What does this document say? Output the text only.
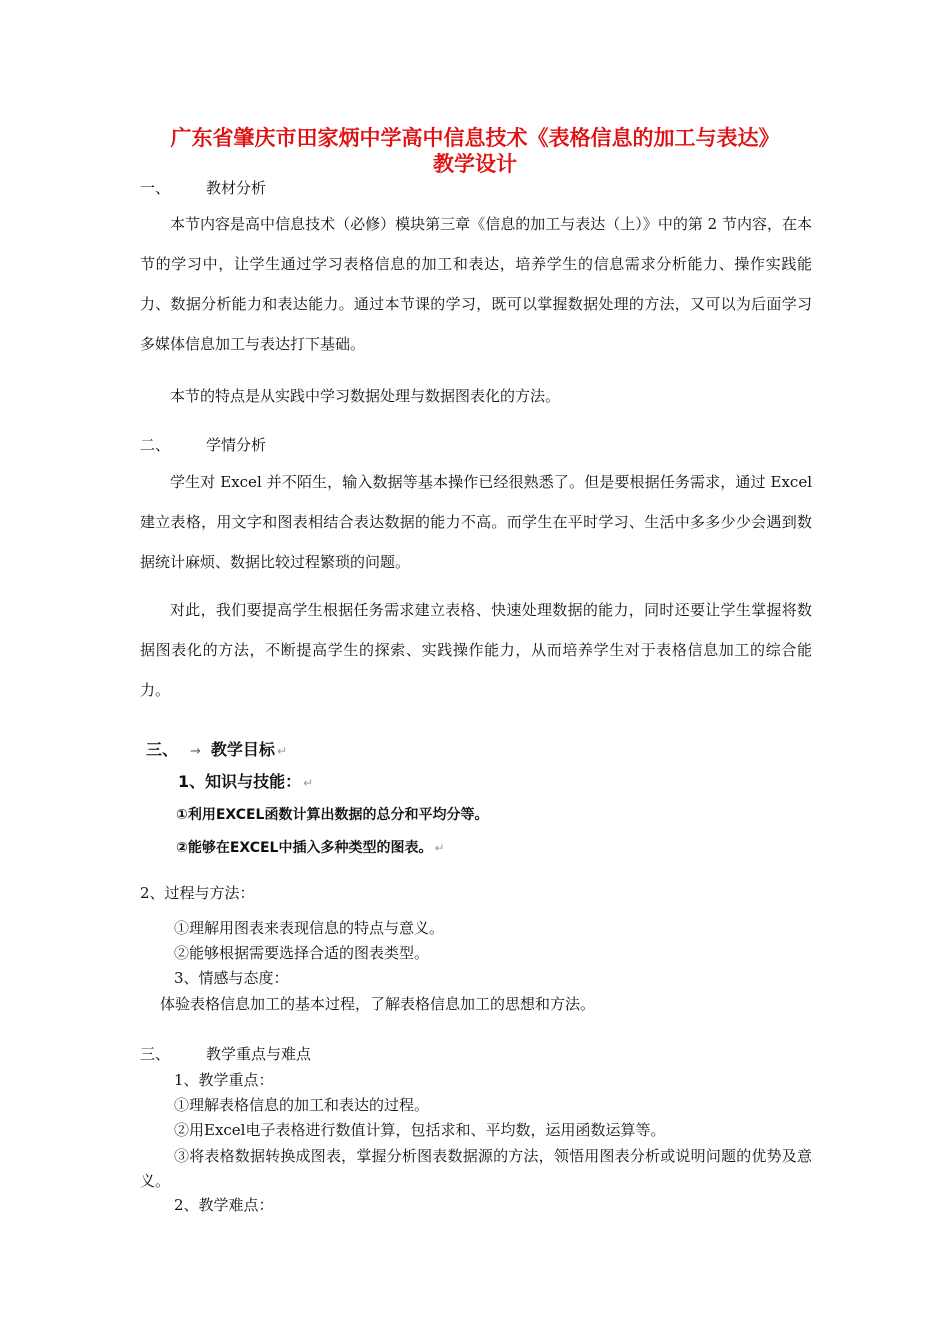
广东省肇庆市田家炳中学高中信息技术《表格信息的加工与表达》
教学设计
一、 教材分析
本节内容是高中信息技术（必修）模块第三章《信息的加工与表达（上）》中的第 2 节内容，在本节的学习中，让学生通过学习表格信息的加工和表达，培养学生的信息需求分析能力、操作实践能力、数据分析能力和表达能力。通过本节课的学习，既可以掌握数据处理的方法，又可以为后面学习多媒体信息加工与表达打下基础。
本节的特点是从实践中学习数据处理与数据图表化的方法。
二、 学情分析
学生对 Excel 并不陌生，输入数据等基本操作已经很熟悉了。但是要根据任务需求，通过 Excel 建立表格，用文字和图表相结合表达数据的能力不高。而学生在平时学习、生活中多多少少会遇到数据统计麻烦、数据比较过程繁琐的问题。
对此，我们要提高学生根据任务需求建立表格、快速处理数据的能力，同时还要让学生掌握将数据图表化的方法，不断提高学生的探索、实践操作能力，从而培养学生对于表格信息加工的综合能力。
三、 → 教学目标 ↵
1、知识与技能： ↵
①利用EXCEL函数计算出数据的总分和平均分等。
②能够在EXCEL中插入多种类型的图表。 ↵
2、过程与方法：
①理解用图表来表现信息的特点与意义。
②能够根据需要选择合适的图表类型。
3、情感与态度：
体验表格信息加工的基本过程，了解表格信息加工的思想和方法。
三、 教学重点与难点
1、教学重点：
①理解表格信息的加工和表达的过程。
②用Excel电子表格进行数值计算，包括求和、平均数，运用函数运算等。
③将表格数据转换成图表，掌握分析图表数据源的方法，领悟用图表分析或说明问题的优势及意义。
2、教学难点：
